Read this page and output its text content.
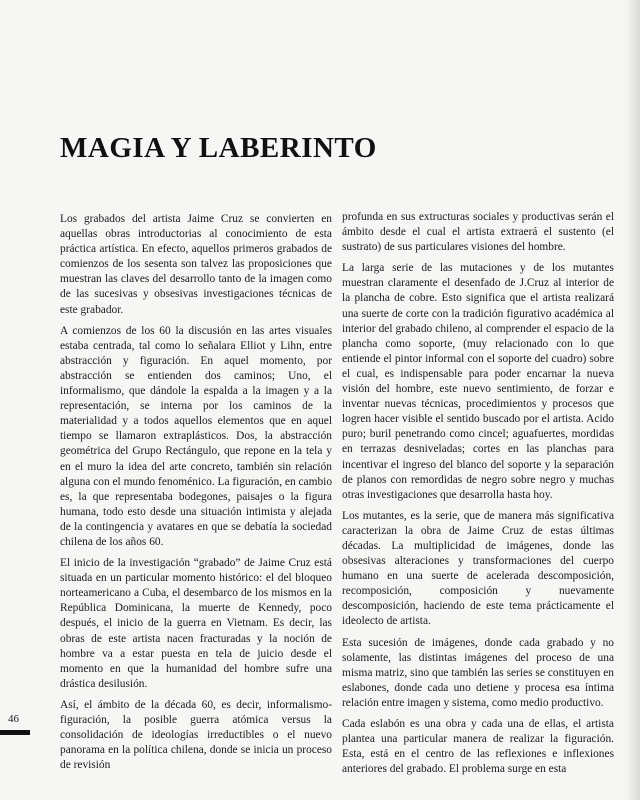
MAGIA Y LABERINTO

Los grabados del artista Jaime Cruz se convierten en aquellas obras introductorias al conocimiento de esta práctica artística. En efecto, aquellos primeros grabados de comienzos de los sesenta son talvez las proposiciones que muestran las claves del desarrollo tanto de la imagen como de las sucesivas y obsesivas investigaciones técnicas de este grabador.

A comienzos de los 60 la discusión en las artes visuales estaba centrada, tal como lo señalara Elliot y Lihn, entre abstracción y figuración. En aquel momento, por abstracción se entienden dos caminos; Uno, el informalismo, que dándole la espalda a la imagen y a la representación, se interna por los caminos de la materialidad y a todos aquellos elementos que en aquel tiempo se llamaron extraplásticos. Dos, la abstracción geométrica del Grupo Rectángulo, que repone en la tela y en el muro la idea del arte concreto, también sin relación alguna con el mundo fenoménico. La figuración, en cambio es, la que representaba bodegones, paisajes o la figura humana, todo esto desde una situación intimista y alejada de la contingencia y avatares en que se debatía la sociedad chilena de los años 60.

El inicio de la investigación “grabado” de Jaime Cruz está situada en un particular momento histórico: el del bloqueo norteamericano a Cuba, el desembarco de los mismos en la República Dominicana, la muerte de Kennedy, poco después, el inicio de la guerra en Vietnam. Es decir, las obras de este artista nacen fracturadas y la noción de hombre va a estar puesta en tela de juicio desde el momento en que la humanidad del hombre sufre una drástica desilusión.

Así, el ámbito de la década 60, es decir, informalismo-figuración, la posible guerra atómica versus la consolidación de ideologías irreductibles o el nuevo panorama en la política chilena, donde se inicia un proceso de revisión

profunda en sus extructuras sociales y productivas serán el ámbito desde el cual el artista extraerá el sustento (el sustrato) de sus particulares visiones del hombre.

La larga serie de las mutaciones y de los mutantes muestran claramente el desenfado de J.Cruz al interior de la plancha de cobre. Esto significa que el artista realizará una suerte de corte con la tradición figurativo académica al interior del grabado chileno, al comprender el espacio de la plancha como soporte, (muy relacionado con lo que entiende el pintor informal con el soporte del cuadro) sobre el cual, es indispensable para poder encarnar la nueva visión del hombre, este nuevo sentimiento, de forzar e inventar nuevas técnicas, procedimientos y procesos que logren hacer visible el sentido buscado por el artista. Acido puro; buril penetrando como cincel; aguafuertes, mordidas en terrazas desniveladas; cortes en las planchas para incentivar el ingreso del blanco del soporte y la separación de planos con remordidas de negro sobre negro y muchas otras investigaciones que desarrolla hasta hoy.

Los mutantes, es la serie, que de manera más significativa caracterizan la obra de Jaime Cruz de estas últimas décadas. La multiplicidad de imágenes, donde las obsesivas alteraciones y transformaciones del cuerpo humano en una suerte de acelerada descomposición, recomposición, composición y nuevamente descomposición, haciendo de este tema prácticamente el ideolecto de artista.

Esta sucesión de imágenes, donde cada grabado y no solamente, las distintas imágenes del proceso de una misma matriz, sino que también las series se constituyen en eslabones, donde cada uno detiene y procesa esa íntima relación entre imagen y sistema, como medio productivo.

Cada eslabón es una obra y cada una de ellas, el artista plantea una particular manera de realizar la figuración. Esta, está en el centro de las reflexiones e inflexiones anteriores del grabado. El problema surge en esta

46
